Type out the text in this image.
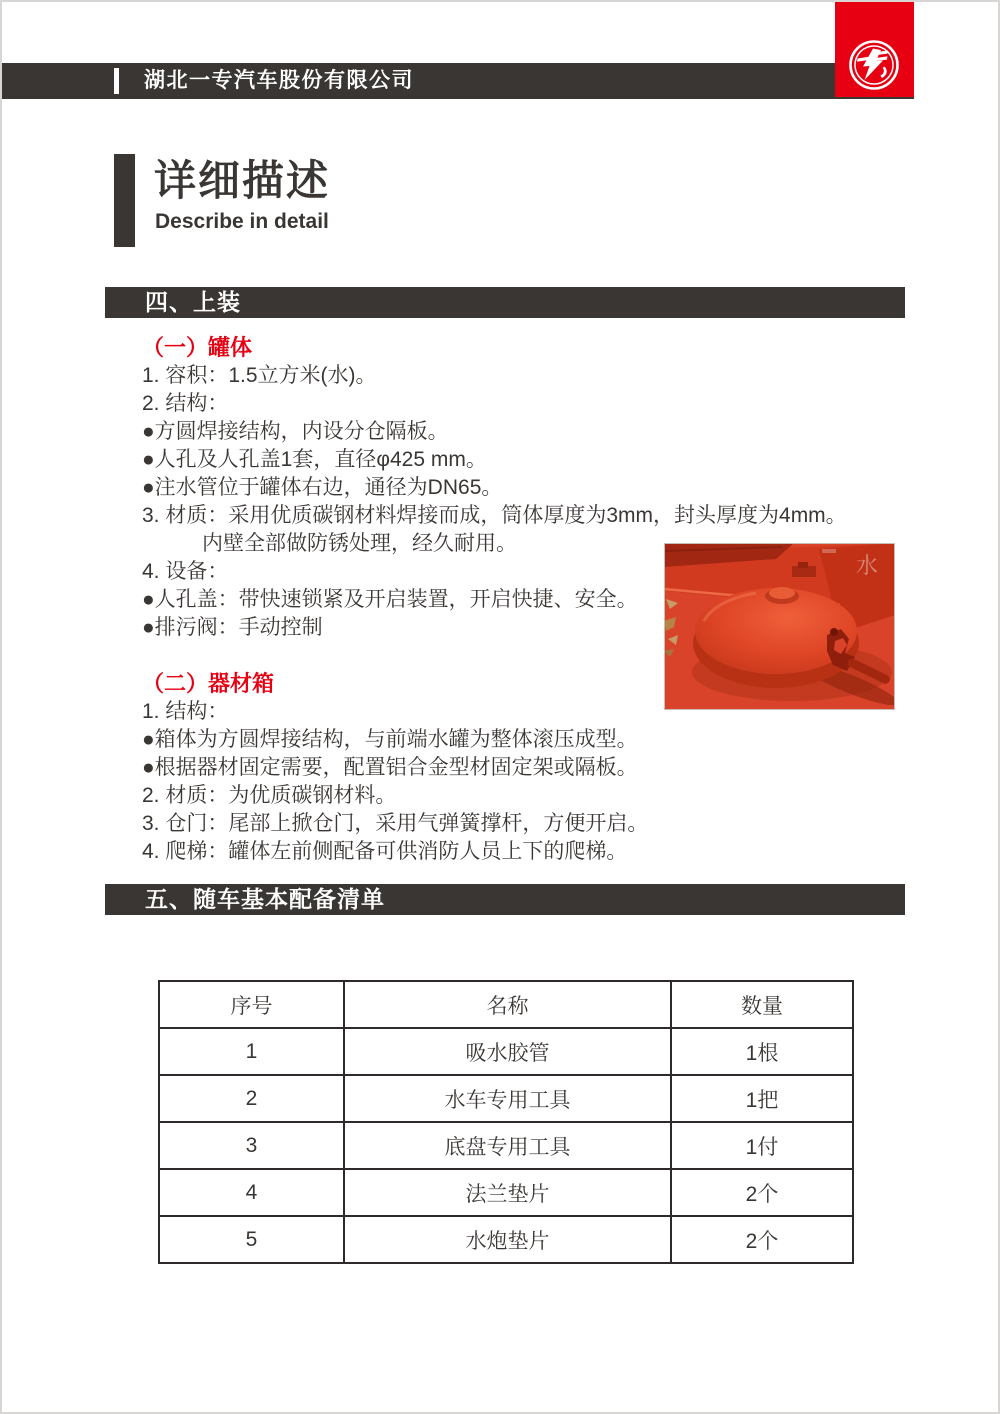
湖北一专汽车股份有限公司
详细描述
Describe in detail
四、上装

（一）罐体

1. 容积：1.5立方米(水)。

2. 结构：

●方圆焊接结构，内设分仓隔板。

●人孔及人孔盖1套，直径φ425 mm。

●注水管位于罐体右边，通径为DN65。

3. 材质：采用优质碳钢材料焊接而成，筒体厚度为3mm，封头厚度为4mm。

内壁全部做防锈处理，经久耐用。

4. 设备：

●人孔盖：带快速锁紧及开启装置，开启快捷、安全。

●排污阀：手动控制

（二）器材箱

1. 结构：

●箱体为方圆焊接结构，与前端水罐为整体滚压成型。

●根据器材固定需要，配置铝合金型材固定架或隔板。

2. 材质：为优质碳钢材料。

3. 仓门：尾部上掀仓门，采用气弹簧撑杆，方便开启。

4. 爬梯：罐体左前侧配备可供消防人员上下的爬梯。

水
五、随车基本配备清单
序号	名称	数量
1	吸水胶管	1根
2	水车专用工具	1把
3	底盘专用工具	1付
4	法兰垫片	2个
5	水炮垫片	2个
